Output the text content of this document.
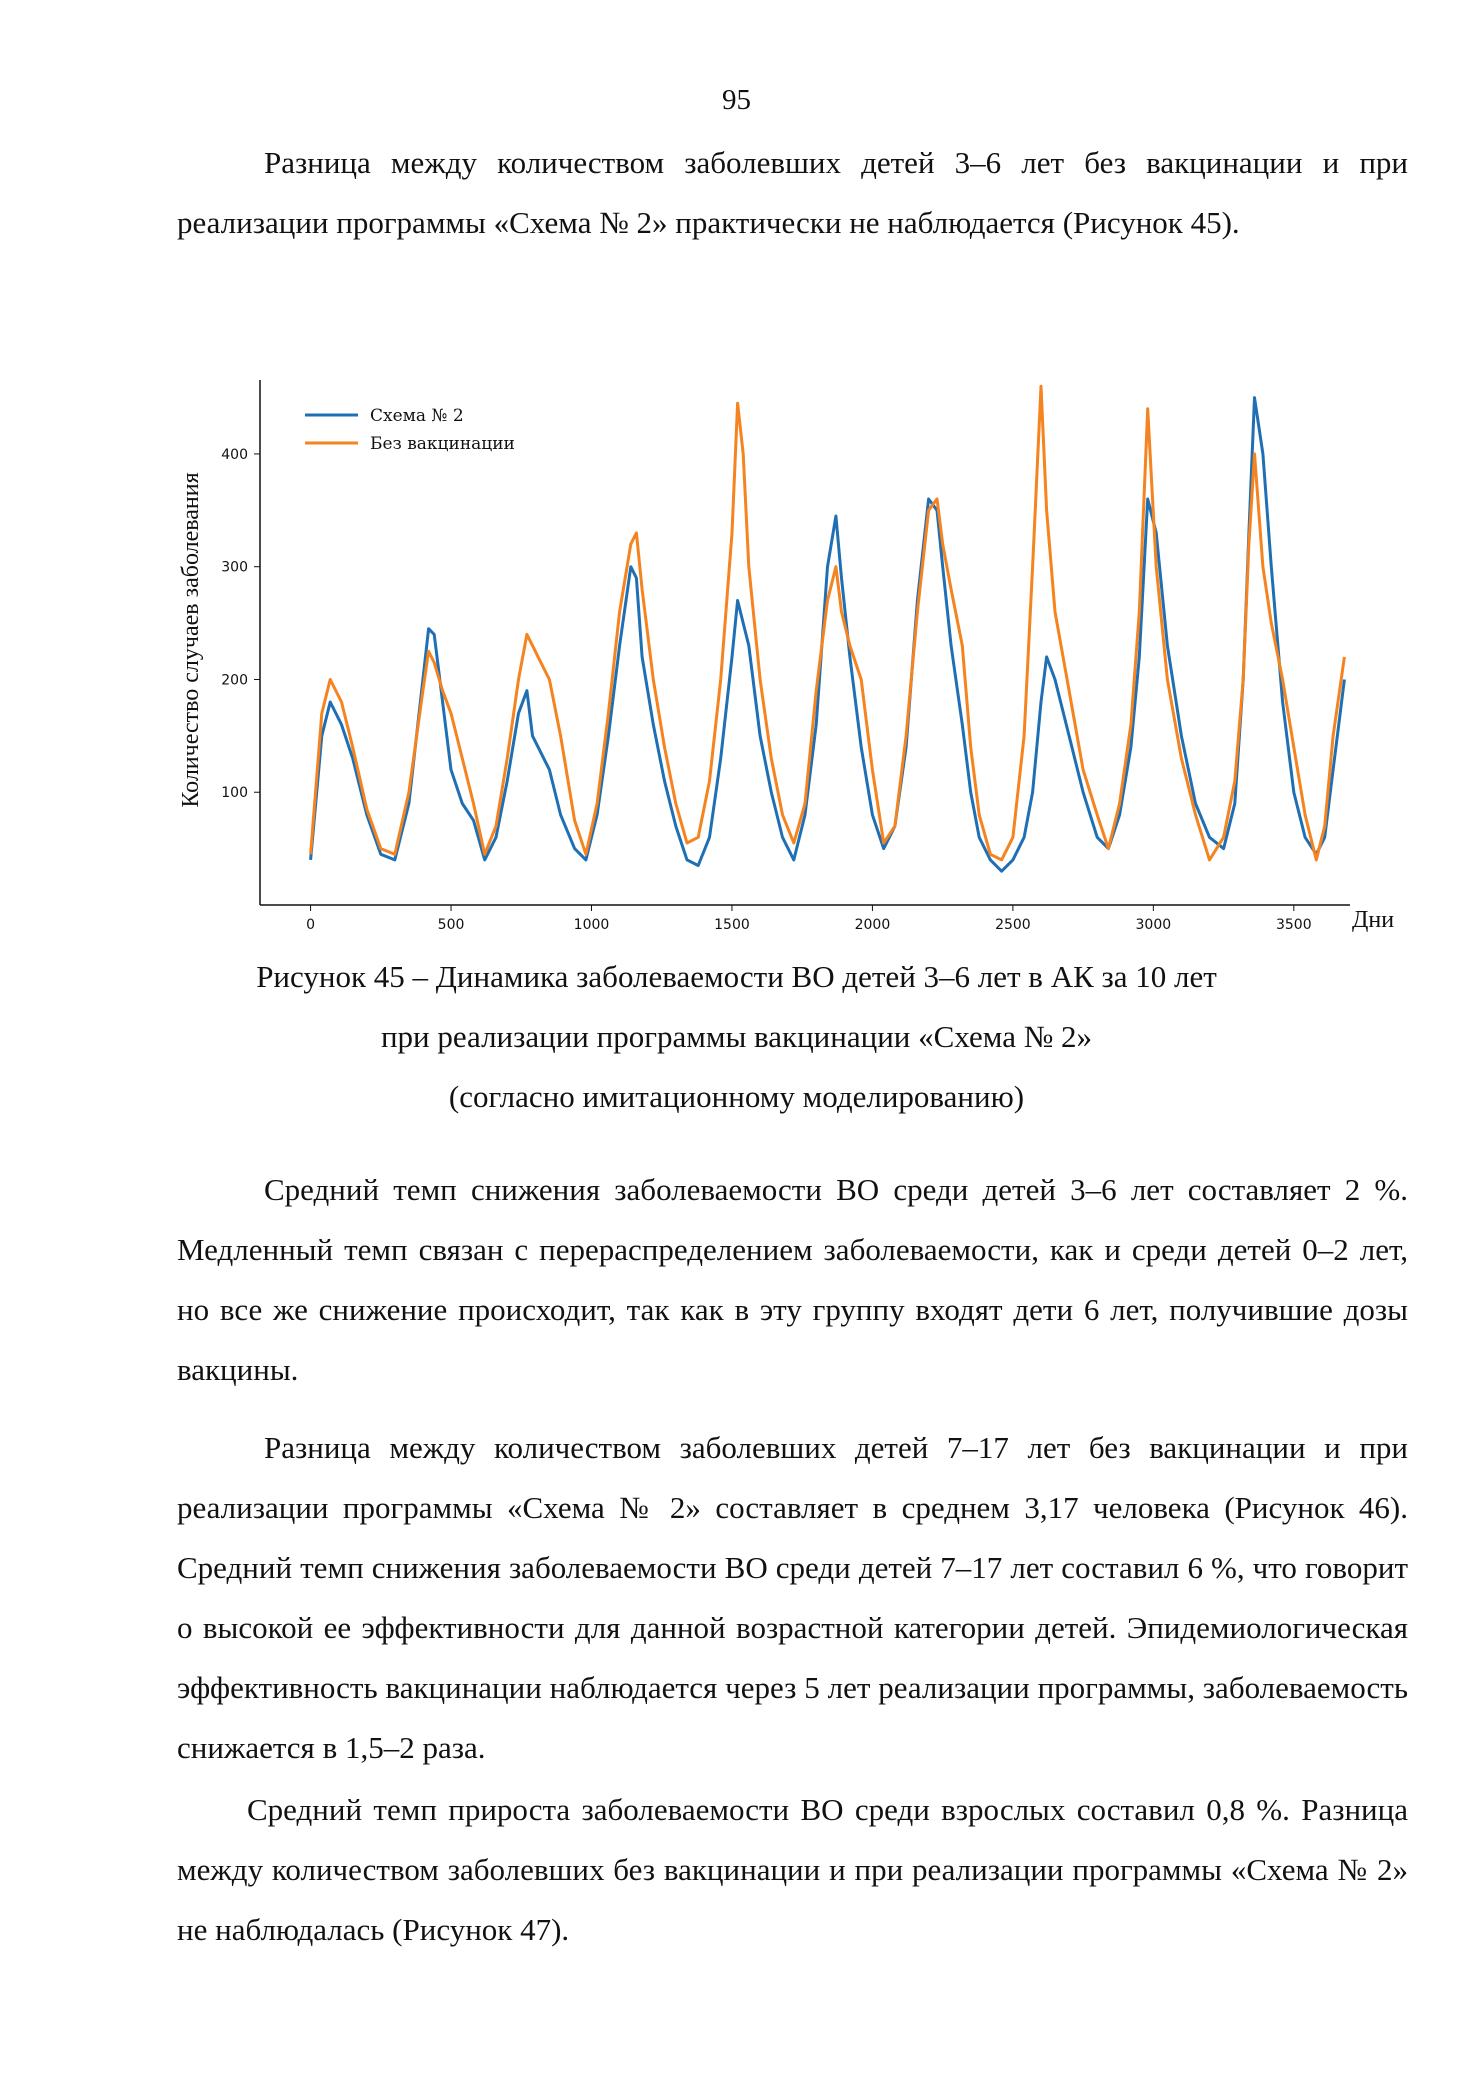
95

Разница между количеством заболевших детей 3–6 лет без вакцинации и при реализации программы «Схема № 2» практически не наблюдается (Рисунок 45).

0	500	1000	1500	2000	2500	3000	3500
100
200
300
400
Схема № 2
Без вакцинации
Дни
Количество случаев заболевания
Рисунок 45 – Динамика заболеваемости ВО детей 3–6 лет в АК за 10 лет
при реализации программы вакцинации «Схема № 2»
(согласно имитационному моделированию)

Средний темп снижения заболеваемости ВО среди детей 3–6 лет составляет 2 %. Медленный темп связан с перераспределением заболеваемости, как и среди детей 0–2 лет, но все же снижение происходит, так как в эту группу входят дети 6 лет, получившие дозы вакцины.

Разница между количеством заболевших детей 7–17 лет без вакцинации и при реализации программы «Схема № 2» составляет в среднем 3,17 человека (Рисунок 46). Средний темп снижения заболеваемости ВО среди детей 7–17 лет составил 6 %, что говорит о высокой ее эффективности для данной возрастной категории детей. Эпидемиологическая эффективность вакцинации наблюдается через 5 лет реализации программы, заболеваемость снижается в 1,5–2 раза.

Средний темп прироста заболеваемости ВО среди взрослых составил 0,8 %. Разница между количеством заболевших без вакцинации и при реализации программы «Схема № 2» не наблюдалась (Рисунок 47).
